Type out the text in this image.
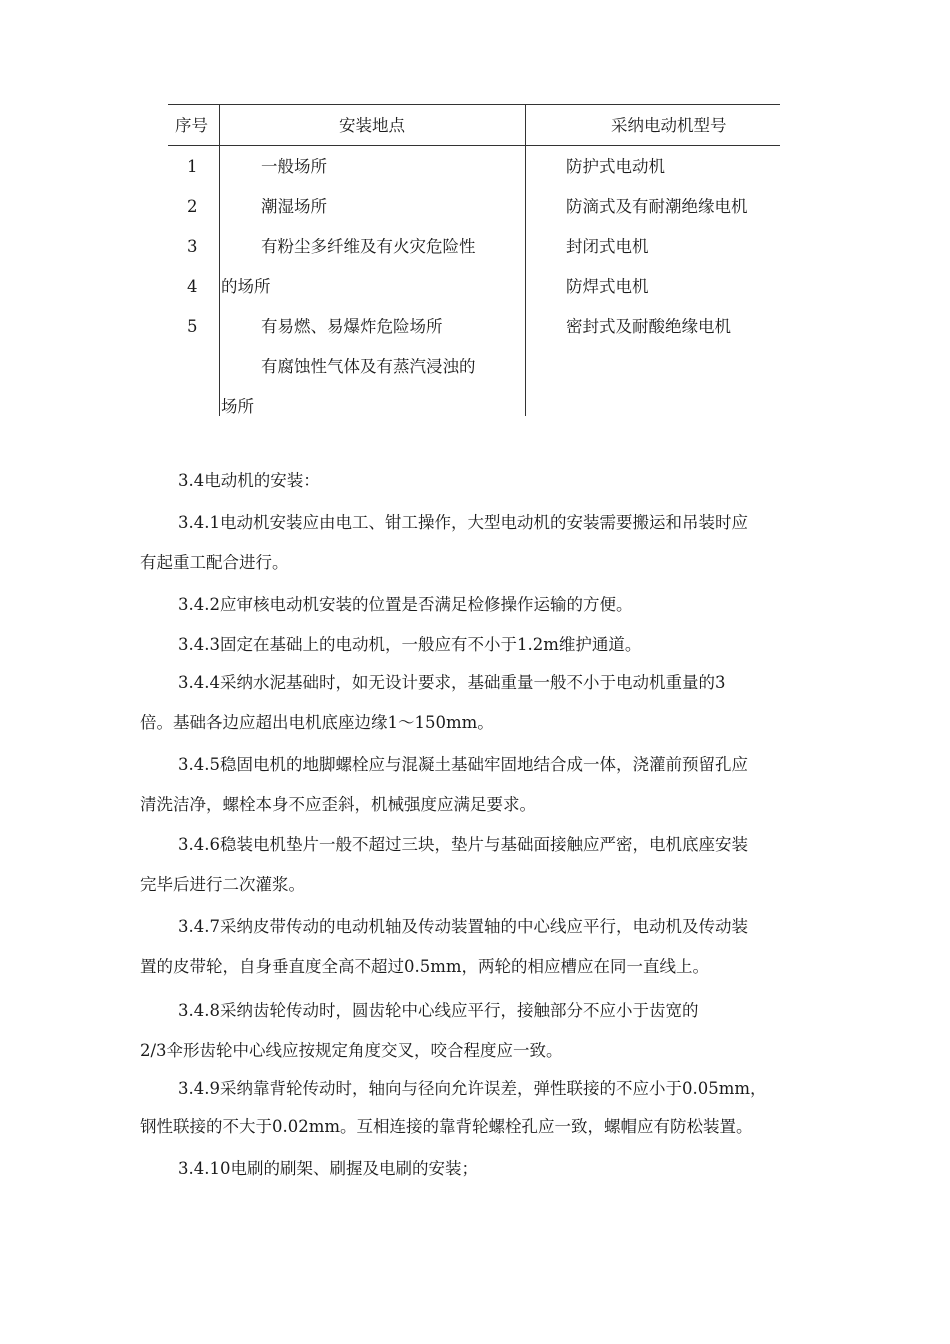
序号	安装地点	采纳电动机型号
1
2
3
4
5
一般场所
潮湿场所
有粉尘多纤维及有火灾危险性
的场所
有易燃、易爆炸危险场所
有腐蚀性气体及有蒸汽浸浊的
场所
防护式电动机
防滴式及有耐潮绝缘电机
封闭式电机
防焊式电机
密封式及耐酸绝缘电机
3.4电动机的安装：
3.4.1电动机安装应由电工、钳工操作，大型电动机的安装需要搬运和吊装时应
有起重工配合进行。
3.4.2应审核电动机安装的位置是否满足检修操作运输的方便。
3.4.3固定在基础上的电动机，一般应有不小于1.2m维护通道。
3.4.4采纳水泥基础时，如无设计要求，基础重量一般不小于电动机重量的3
倍。基础各边应超出电机底座边缘1〜150mm。
3.4.5稳固电机的地脚螺栓应与混凝土基础牢固地结合成一体，浇灌前预留孔应
清洗洁净，螺栓本身不应歪斜，机械强度应满足要求。
3.4.6稳装电机垫片一般不超过三块，垫片与基础面接触应严密，电机底座安装
完毕后进行二次灌浆。
3.4.7采纳皮带传动的电动机轴及传动装置轴的中心线应平行，电动机及传动装
置的皮带轮，自身垂直度全高不超过0.5mm，两轮的相应槽应在同一直线上。
3.4.8采纳齿轮传动时，圆齿轮中心线应平行，接触部分不应小于齿宽的
2/3伞形齿轮中心线应按规定角度交叉，咬合程度应一致。
3.4.9采纳靠背轮传动时，轴向与径向允许误差，弹性联接的不应小于0.05mm，
钢性联接的不大于0.02mm。互相连接的靠背轮螺栓孔应一致，螺帽应有防松装置。
3.4.10电刷的刷架、刷握及电刷的安装；
